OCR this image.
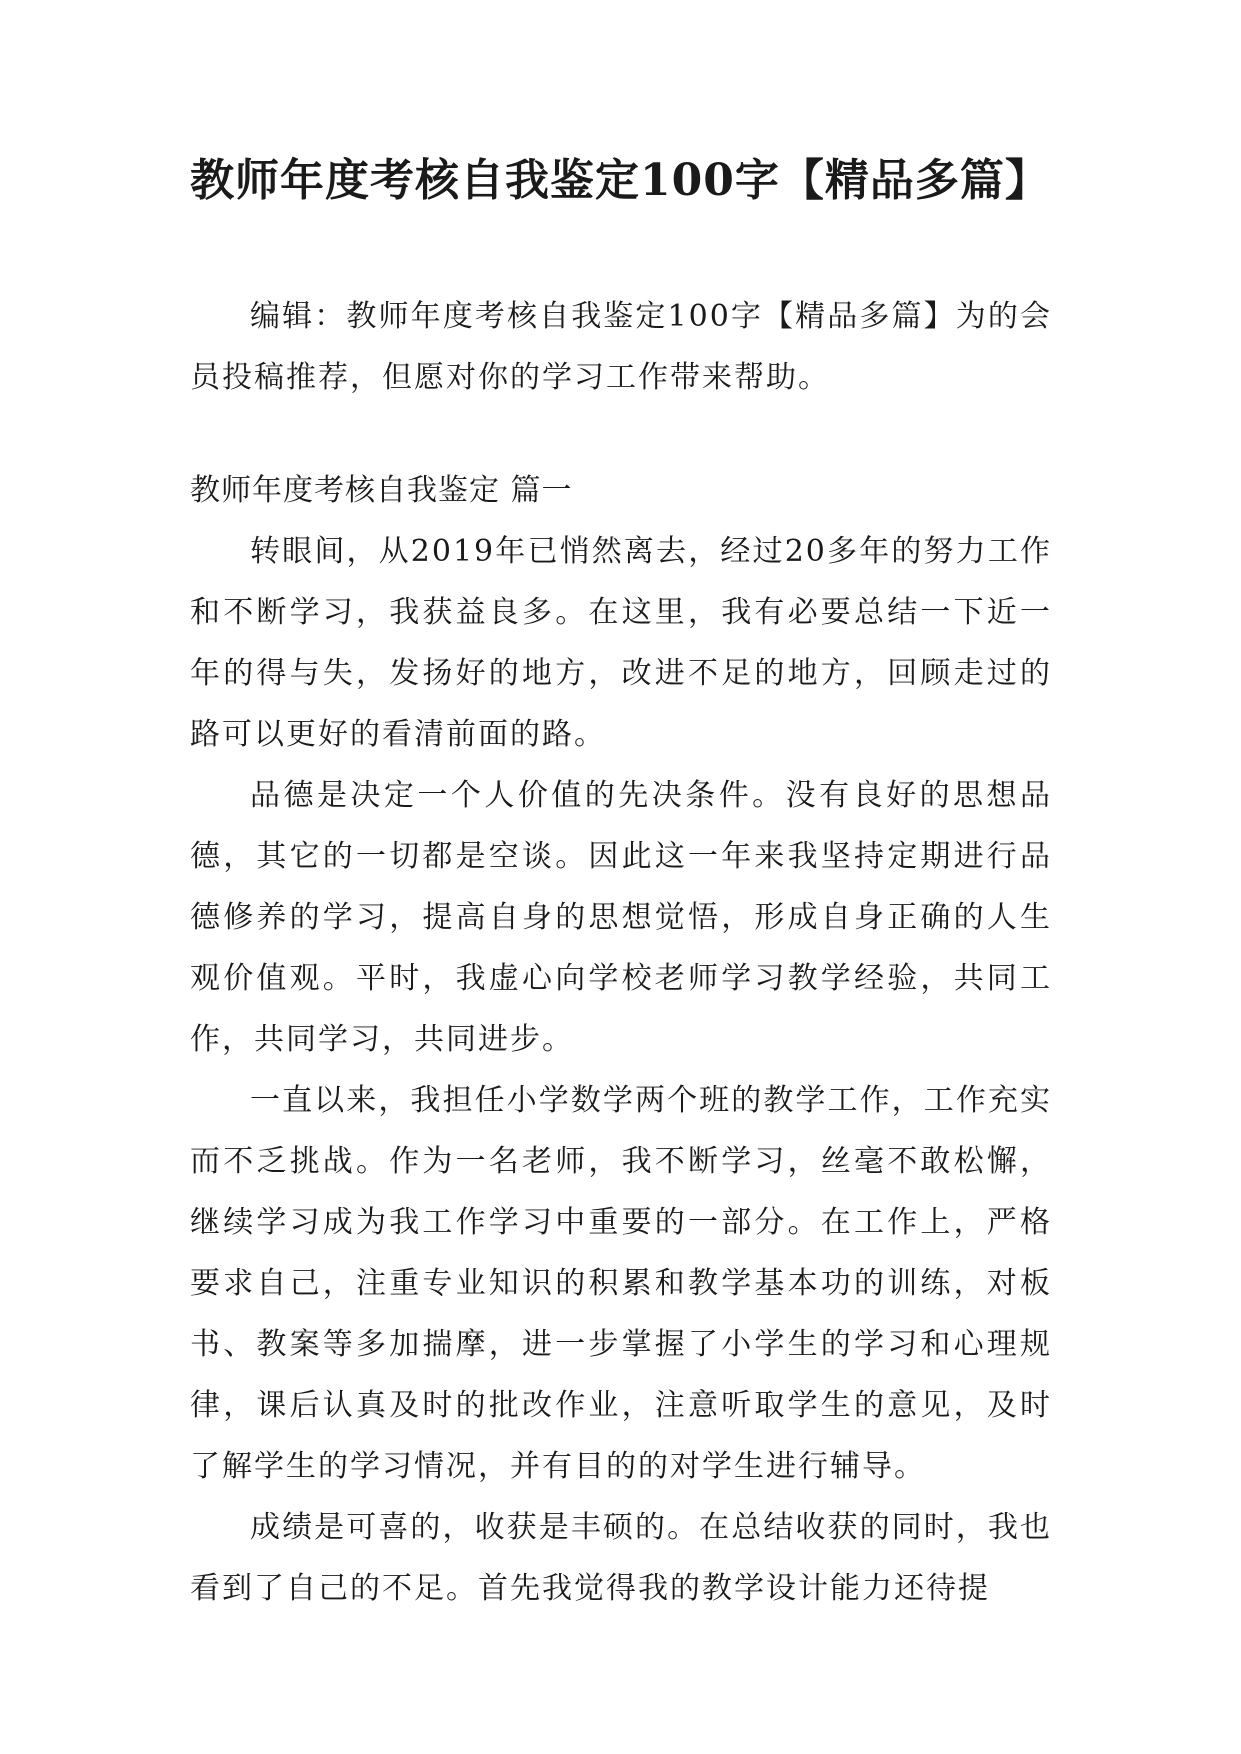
教师年度考核自我鉴定100字【精品多篇】

编辑：教师年度考核自我鉴定100字【精品多篇】为的会员投稿推荐，但愿对你的学习工作带来帮助。

教师年度考核自我鉴定 篇一

转眼间，从2019年已悄然离去，经过20多年的努力工作和不断学习，我获益良多。在这里，我有必要总结一下近一年的得与失，发扬好的地方，改进不足的地方，回顾走过的路可以更好的看清前面的路。

品德是决定一个人价值的先决条件。没有良好的思想品德，其它的一切都是空谈。因此这一年来我坚持定期进行品德修养的学习，提高自身的思想觉悟，形成自身正确的人生观价值观。平时，我虚心向学校老师学习教学经验，共同工作，共同学习，共同进步。

一直以来，我担任小学数学两个班的教学工作，工作充实而不乏挑战。作为一名老师，我不断学习，丝毫不敢松懈，继续学习成为我工作学习中重要的一部分。在工作上，严格要求自己，注重专业知识的积累和教学基本功的训练，对板书、教案等多加揣摩，进一步掌握了小学生的学习和心理规律，课后认真及时的批改作业，注意听取学生的意见，及时了解学生的学习情况，并有目的的对学生进行辅导。

成绩是可喜的，收获是丰硕的。在总结收获的同时，我也看到了自己的不足。首先我觉得我的教学设计能力还待提
